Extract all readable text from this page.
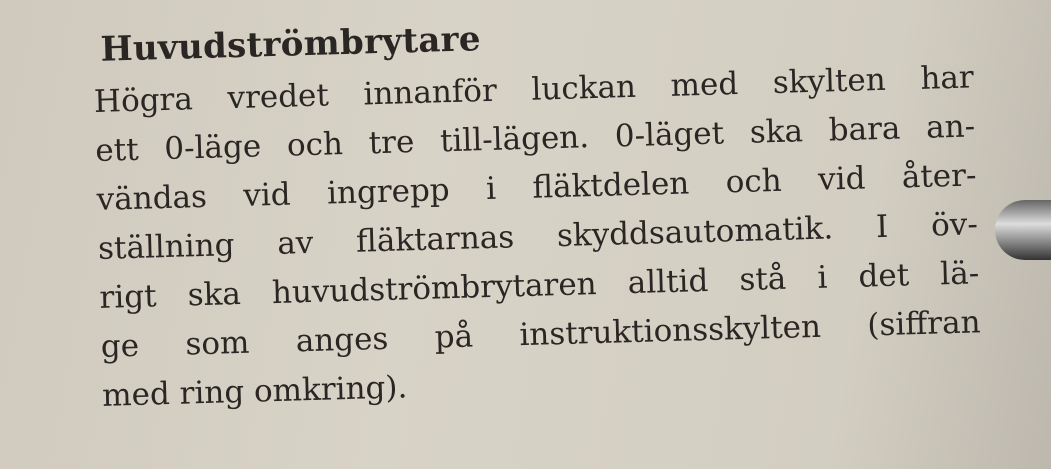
Huvudströmbrytare
Högra vredet innanför luckan med skylten har
ett 0-läge och tre till-lägen. 0-läget ska bara an-
vändas vid ingrepp i fläktdelen och vid åter-
ställning av fläktarnas skyddsautomatik. I öv-
rigt ska huvudströmbrytaren alltid stå i det lä-
ge som anges på instruktionsskylten (siffran
med ring omkring).
